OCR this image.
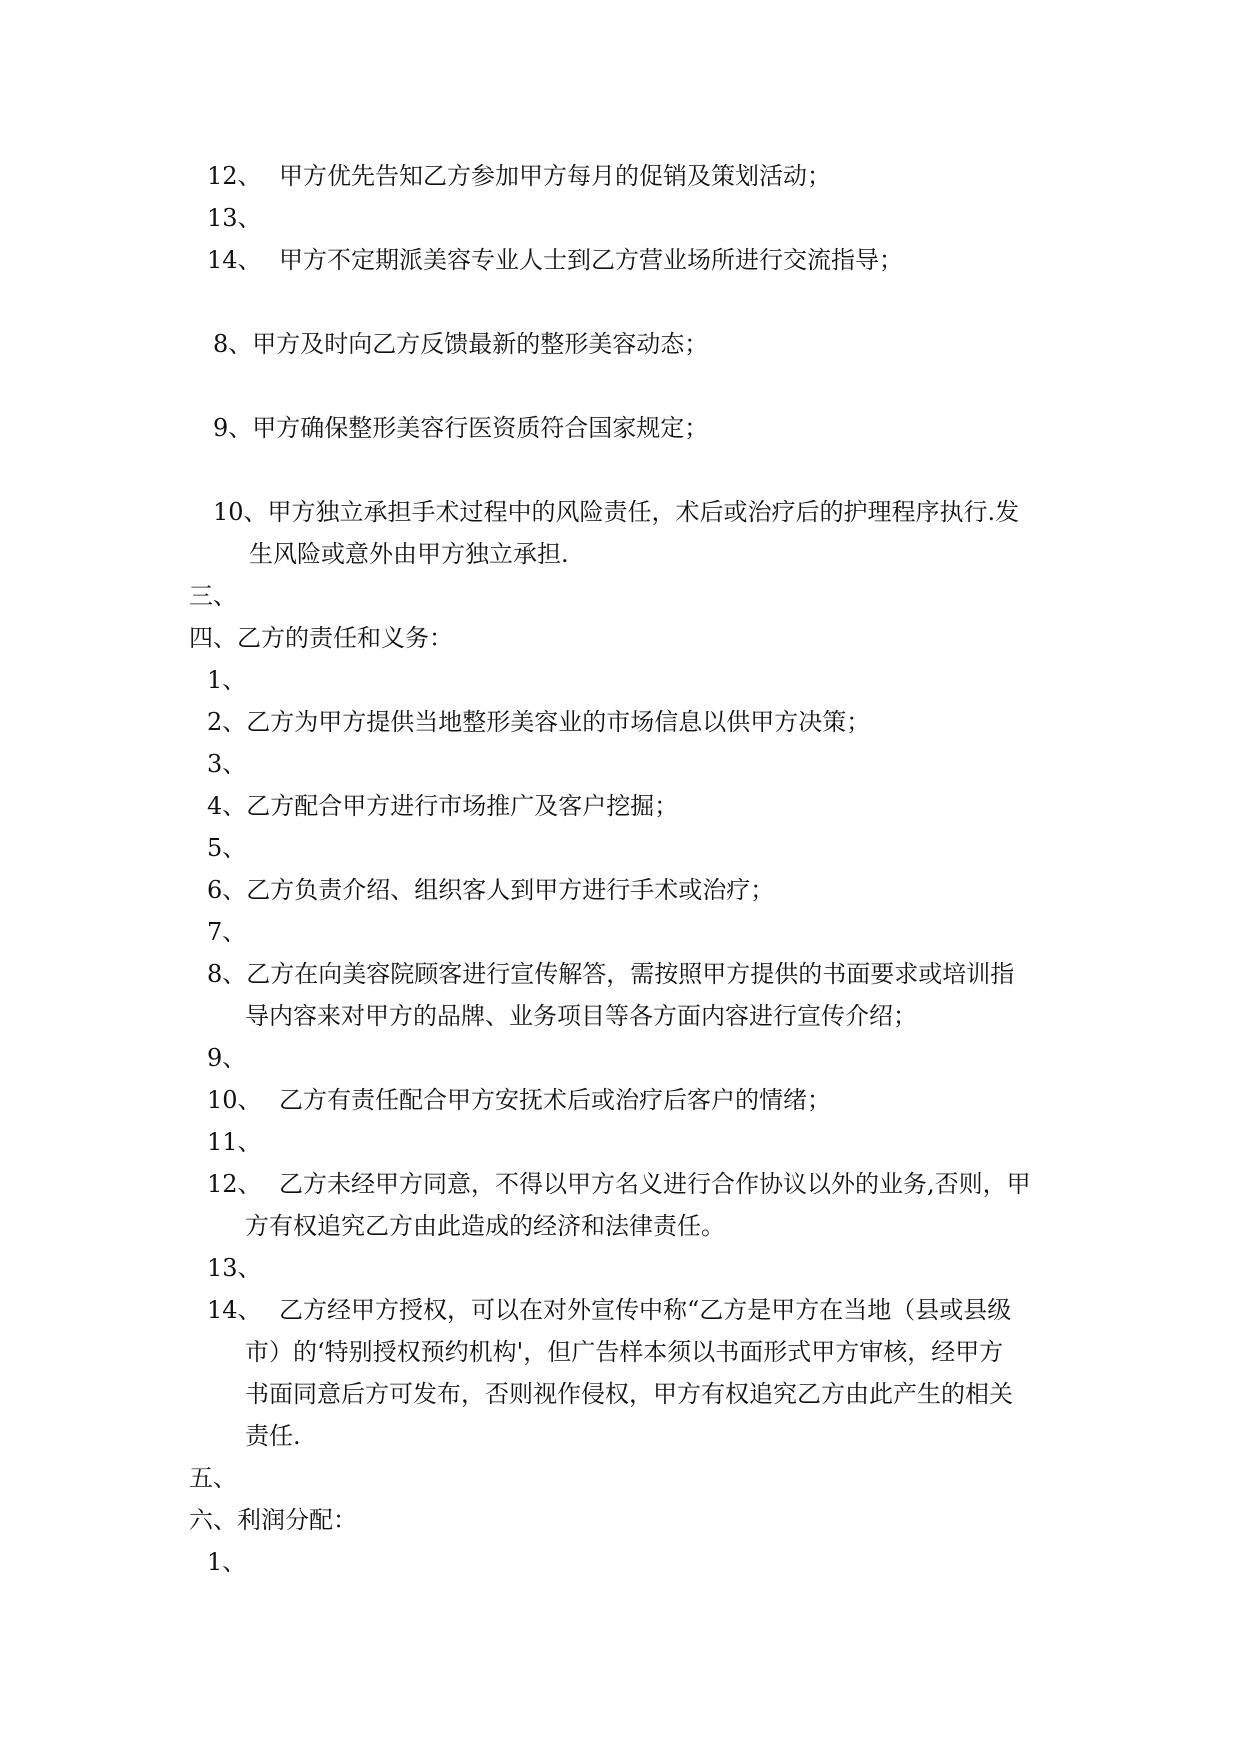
12、 甲方优先告知乙方参加甲方每月的促销及策划活动；
13、
14、 甲方不定期派美容专业人士到乙方营业场所进行交流指导；
8、甲方及时向乙方反馈最新的整形美容动态；
9、甲方确保整形美容行医资质符合国家规定；
10、甲方独立承担手术过程中的风险责任，术后或治疗后的护理程序执行.发
生风险或意外由甲方独立承担.
三、
四、乙方的责任和义务：
1、
2、乙方为甲方提供当地整形美容业的市场信息以供甲方决策；
3、
4、乙方配合甲方进行市场推广及客户挖掘；
5、
6、乙方负责介绍、组织客人到甲方进行手术或治疗；
7、
8、乙方在向美容院顾客进行宣传解答，需按照甲方提供的书面要求或培训指
导内容来对甲方的品牌、业务项目等各方面内容进行宣传介绍；
9、
10、 乙方有责任配合甲方安抚术后或治疗后客户的情绪；
11、
12、 乙方未经甲方同意，不得以甲方名义进行合作协议以外的业务,否则，甲
方有权追究乙方由此造成的经济和法律责任。
13、
14、 乙方经甲方授权，可以在对外宣传中称“乙方是甲方在当地（县或县级
市）的‘特别授权预约机构'，但广告样本须以书面形式甲方审核，经甲方
书面同意后方可发布，否则视作侵权，甲方有权追究乙方由此产生的相关
责任.
五、
六、利润分配：
1、
